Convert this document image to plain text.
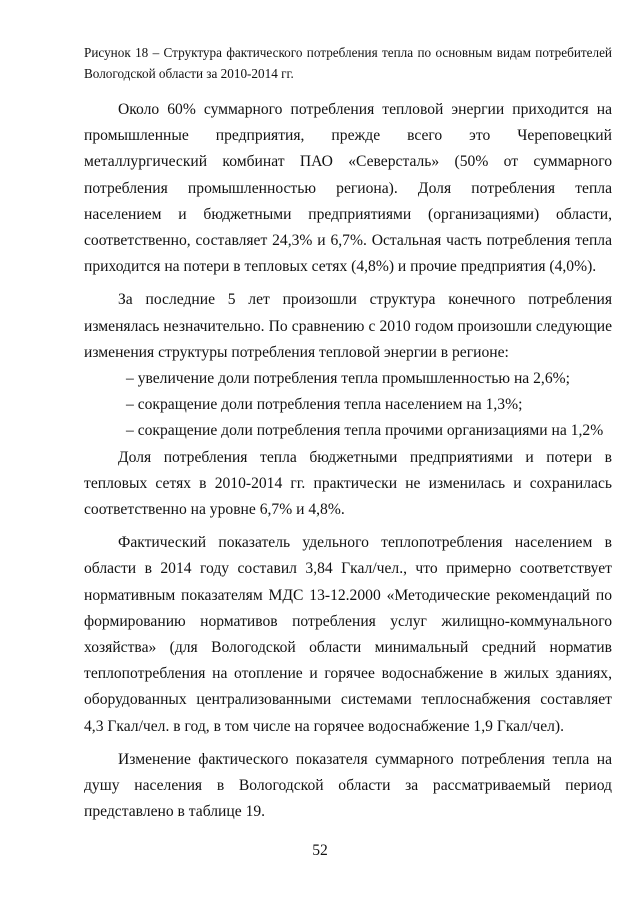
Рисунок 18 – Структура фактического потребления тепла по основным видам потребителей Вологодской области за 2010-2014 гг.

Около 60% суммарного потребления тепловой энергии приходится на промышленные предприятия, прежде всего это Череповецкий металлургический комбинат ПАО «Северсталь» (50% от суммарного потребления промышленностью региона). Доля потребления тепла населением и бюджетными предприятиями (организациями) области, соответственно, составляет 24,3% и 6,7%. Остальная часть потребления тепла приходится на потери в тепловых сетях (4,8%) и прочие предприятия (4,0%).

За последние 5 лет произошли структура конечного потребления изменялась незначительно. По сравнению с 2010 годом произошли следующие изменения структуры потребления тепловой энергии в регионе:

– увеличение доли потребления тепла промышленностью на 2,6%;
– сокращение доли потребления тепла населением на 1,3%;
– сокращение доли потребления тепла прочими организациями на 1,2%

Доля потребления тепла бюджетными предприятиями и потери в тепловых сетях в 2010-2014 гг. практически не изменилась и сохранилась соответственно на уровне 6,7% и 4,8%.

Фактический показатель удельного теплопотребления населением в области в 2014 году составил 3,84 Гкал/чел., что примерно соответствует нормативным показателям МДС 13-12.2000 «Методические рекомендаций по формированию нормативов потребления услуг жилищно-коммунального хозяйства» (для Вологодской области минимальный средний норматив теплопотребления на отопление и горячее водоснабжение в жилых зданиях, оборудованных централизованными системами теплоснабжения составляет 4,3 Гкал/чел. в год, в том числе на горячее водоснабжение 1,9 Гкал/чел).

Изменение фактического показателя суммарного потребления тепла на душу населения в Вологодской области за рассматриваемый период представлено в таблице 19.

52
